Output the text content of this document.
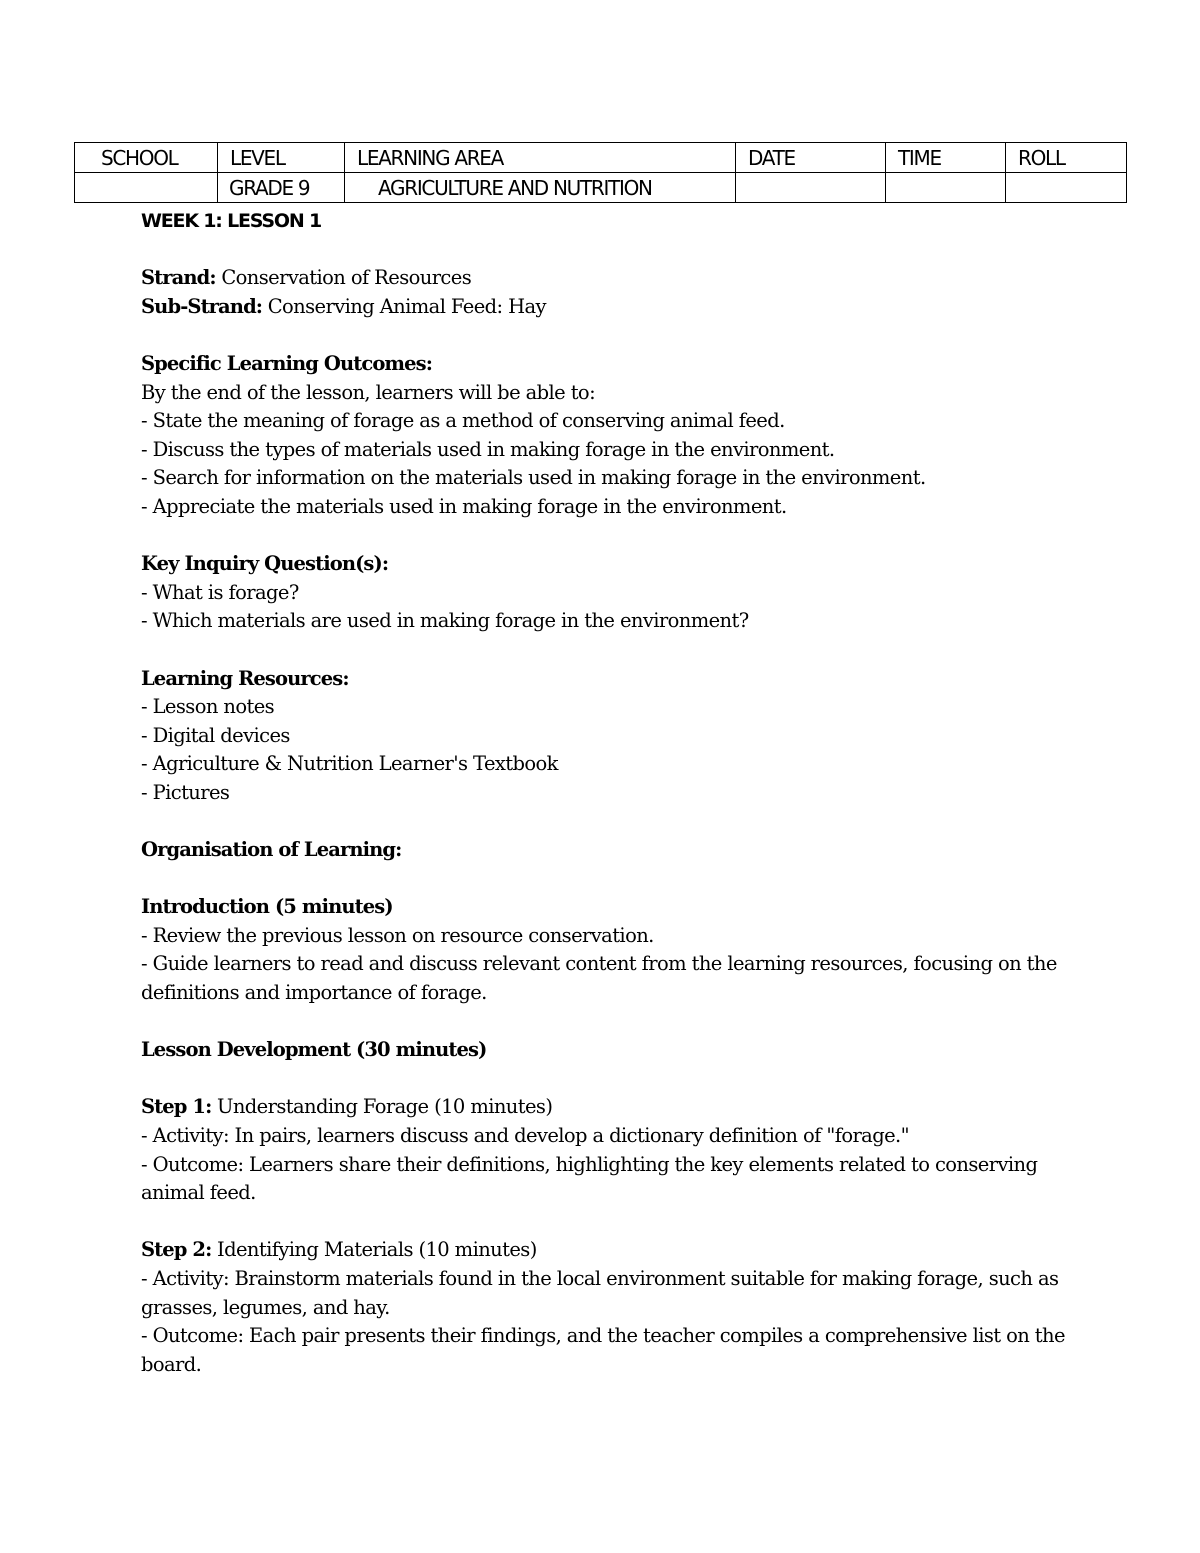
SCHOOL	LEVEL	LEARNING AREA	DATE	TIME	ROLL
	GRADE 9	AGRICULTURE AND NUTRITION			
WEEK 1: LESSON 1

Strand: Conservation of Resources

Sub-Strand: Conserving Animal Feed: Hay

Specific Learning Outcomes:

By the end of the lesson, learners will be able to:

- State the meaning of forage as a method of conserving animal feed.

- Discuss the types of materials used in making forage in the environment.

- Search for information on the materials used in making forage in the environment.

- Appreciate the materials used in making forage in the environment.

Key Inquiry Question(s):

- What is forage?

- Which materials are used in making forage in the environment?

Learning Resources:

- Lesson notes

- Digital devices

- Agriculture & Nutrition Learner's Textbook

- Pictures

Organisation of Learning:

Introduction (5 minutes)

- Review the previous lesson on resource conservation.

- Guide learners to read and discuss relevant content from the learning resources, focusing on the definitions and importance of forage.

Lesson Development (30 minutes)

Step 1: Understanding Forage (10 minutes)

- Activity: In pairs, learners discuss and develop a dictionary definition of "forage."

- Outcome: Learners share their definitions, highlighting the key elements related to conserving animal feed.

Step 2: Identifying Materials (10 minutes)

- Activity: Brainstorm materials found in the local environment suitable for making forage, such as grasses, legumes, and hay.

- Outcome: Each pair presents their findings, and the teacher compiles a comprehensive list on the board.
